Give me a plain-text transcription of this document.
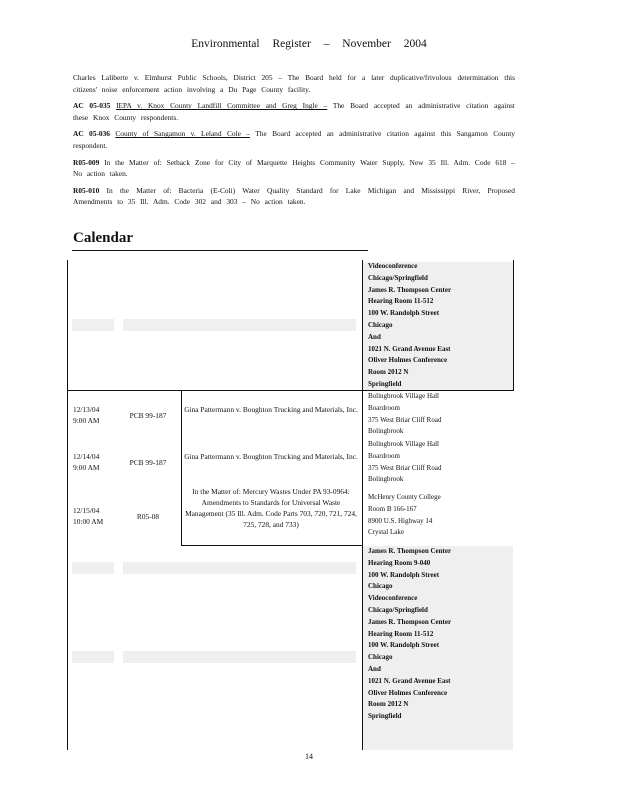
Environmental Register – November 2004
Charles Laliberte v. Elmhurst Public Schools, District 205 – The Board held for a later duplicative/frivolous determination this citizens' noise enforcement action involving a Du Page County facility.
AC 05-035 IEPA v. Knox County Landfill Committee and Greg Ingle – The Board accepted an administrative citation against these Knox County respondents.
AC 05-036 County of Sangamon v. Leland Cole – The Board accepted an administrative citation against this Sangamon County respondent.
R05-009 In the Matter of: Setback Zone for City of Marquette Heights Community Water Supply, New 35 Ill. Adm. Code 618 – No action taken.
R05-010 In the Matter of: Bacteria (E-Coli) Water Quality Standard for Lake Michigan and Mississippi River, Proposed Amendments to 35 Ill. Adm. Code 302 and 303 – No action taken.
Calendar
Videoconference
Chicago/Springfield
James R. Thompson Center
Hearing Room 11-512
100 W. Randolph Street
Chicago
And
1021 N. Grand Avenue East
Oliver Holmes Conference
Room 2012 N
Springfield
12/13/04
9:00 AM
PCB 99-187
Gina Pattermann v. Boughton Trucking and Materials, Inc.
Bolingbrook Village Hall
Boardroom
375 West Briar Cliff Road
Bolingbrook
12/14/04
9:00 AM
PCB 99-187
Gina Pattermann v. Boughton Trucking and Materials, Inc.
Bolingbrook Village Hall
Boardroom
375 West Briar Cliff Road
Bolingbrook
12/15/04
10:00 AM
R05-08
In the Matter of: Mercury Wastes Under PA 93-0964: Amendments to Standards for Universal Waste Management (35 Ill. Adm. Code Parts 703, 720, 721, 724, 725, 728, and 733)
McHenry County College
Room B 166-167
8900 U.S. Highway 14
Crystal Lake
James R. Thompson Center
Hearing Room 9-040
100 W. Randolph Street
Chicago
Videoconference
Chicago/Springfield
James R. Thompson Center
Hearing Room 11-512
100 W. Randolph Street
Chicago
And
1021 N. Grand Avenue East
Oliver Holmes Conference
Room 2012 N
Springfield
14
